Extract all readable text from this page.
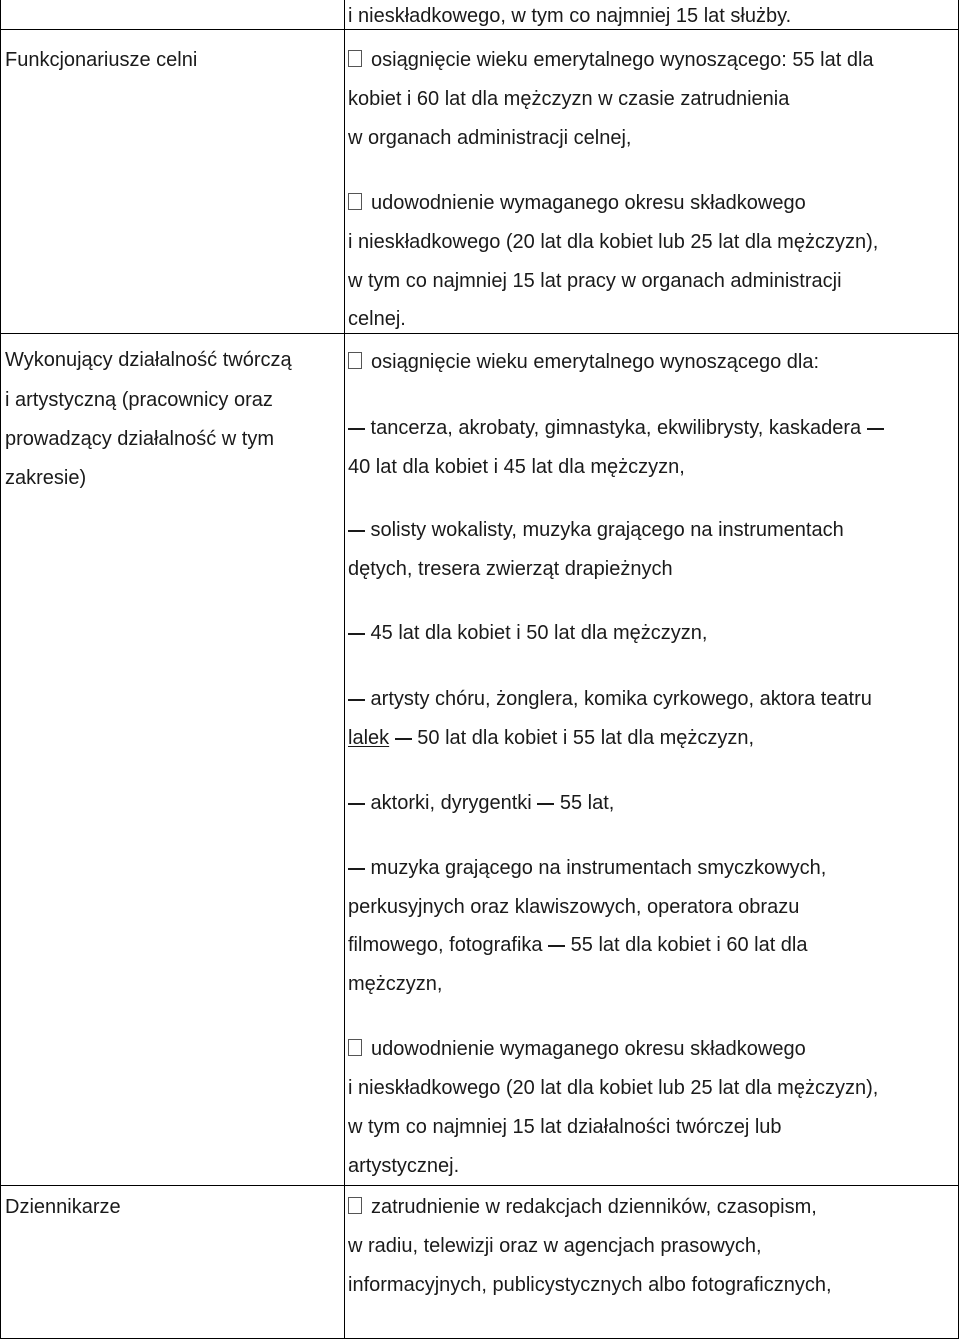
i nieskładkowego, w tym co najmniej 15 lat służby.
Funkcjonariusze celni	osiągnięcie wieku emerytalnego wynoszącego: 55 lat dla
kobiet i 60 lat dla mężczyzn w czasie zatrudnienia
w organach administracji celnej,
udowodnienie wymaganego okresu składkowego
i nieskładkowego (20 lat dla kobiet lub 25 lat dla mężczyzn),
w tym co najmniej 15 lat pracy w organach administracji
celnej.
Wykonujący działalność twórczą
i artystyczną (pracownicy oraz
prowadzący działalność w tym
zakresie)
osiągnięcie wieku emerytalnego wynoszącego dla:
tancerza, akrobaty, gimnastyka, ekwilibrysty, kaskadera
40 lat dla kobiet i 45 lat dla mężczyzn,
solisty wokalisty, muzyka grającego na instrumentach
dętych, tresera zwierząt drapieżnych
45 lat dla kobiet i 50 lat dla mężczyzn,
artysty chóru, żonglera, komika cyrkowego, aktora teatru
lalek  50 lat dla kobiet i 55 lat dla mężczyzn,
aktorki, dyrygentki  55 lat,
muzyka grającego na instrumentach smyczkowych,
perkusyjnych oraz klawiszowych, operatora obrazu
filmowego, fotografika  55 lat dla kobiet i 60 lat dla
mężczyzn,
udowodnienie wymaganego okresu składkowego
i nieskładkowego (20 lat dla kobiet lub 25 lat dla mężczyzn),
w tym co najmniej 15 lat działalności twórczej lub
artystycznej.
Dziennikarze	zatrudnienie w redakcjach dzienników, czasopism,
w radiu, telewizji oraz w agencjach prasowych,
informacyjnych, publicystycznych albo fotograficznych,
